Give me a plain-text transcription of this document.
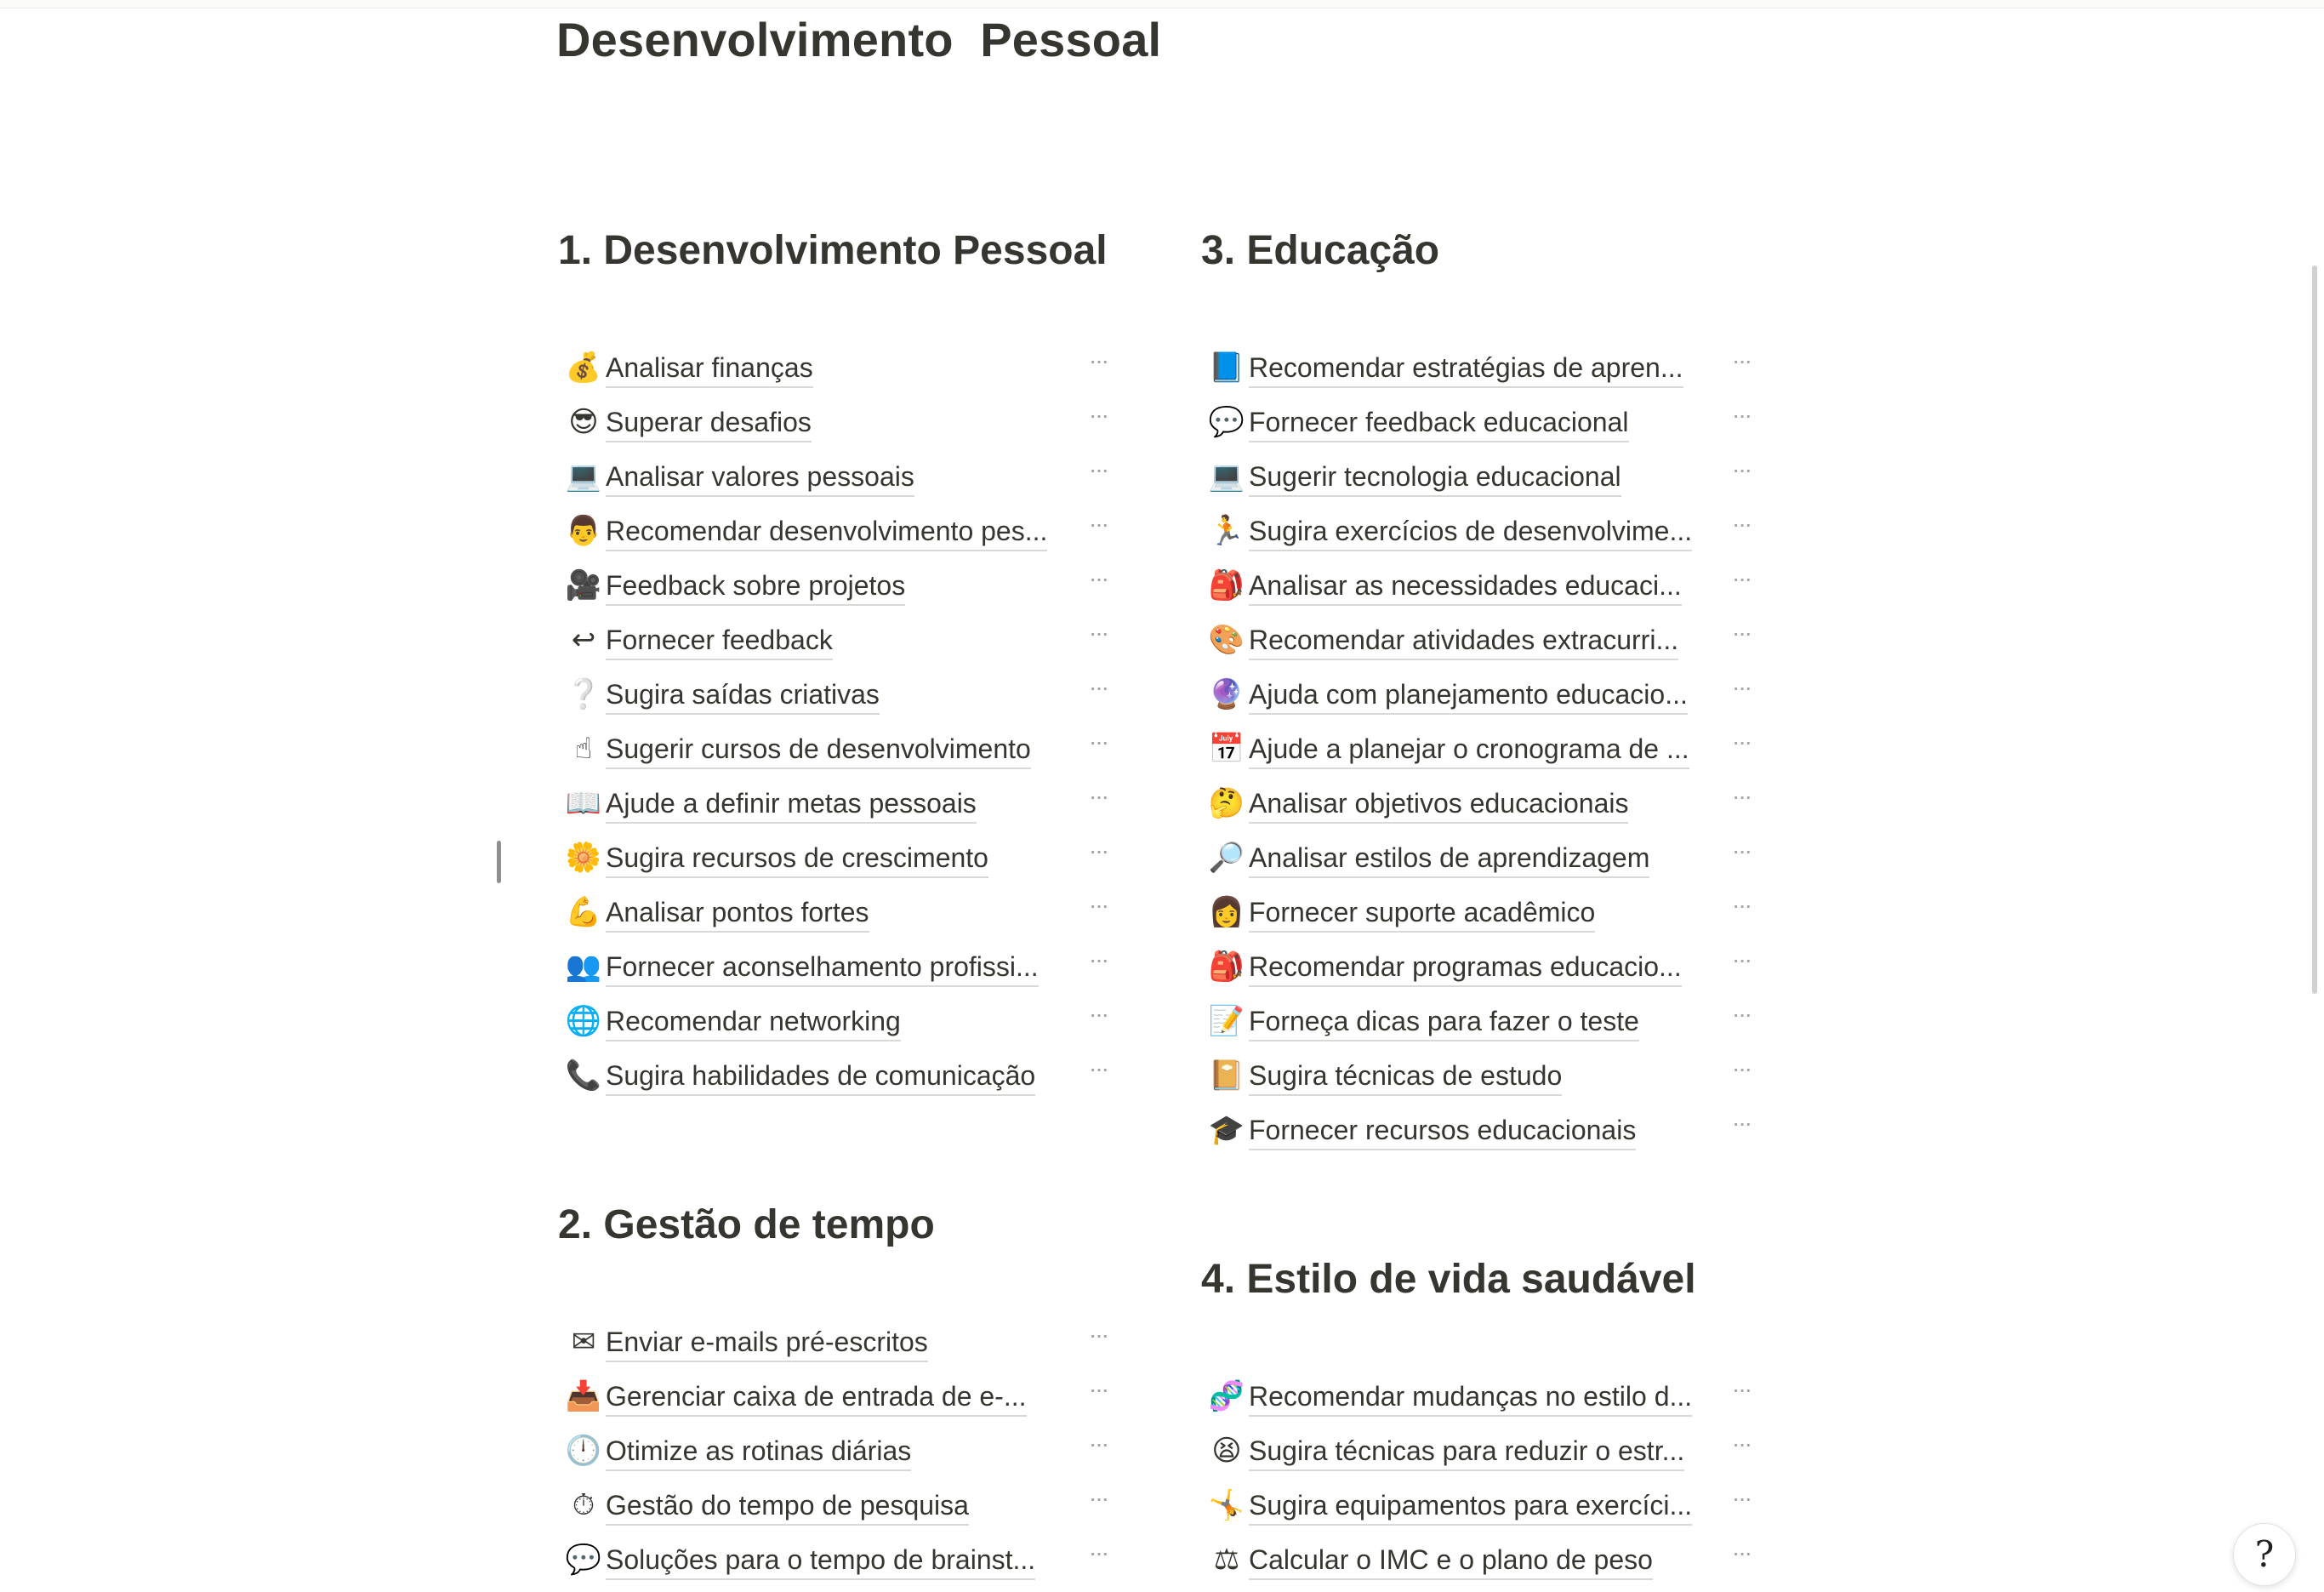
Desenvolvimento  Pessoal
1. Desenvolvimento Pessoal
💰 Analisar finanças	···
😎 Superar desafios	···
💻 Analisar valores pessoais	···
👨 Recomendar desenvolvimento pes...	···
🎥 Feedback sobre projetos	···
↩ Fornecer feedback	···
❔ Sugira saídas criativas	···
☝ Sugerir cursos de desenvolvimento	···
📖 Ajude a definir metas pessoais	···
🌼 Sugira recursos de crescimento	···
💪 Analisar pontos fortes	···
👥 Fornecer aconselhamento profissi...	···
🌐 Recomendar networking	···
📞 Sugira habilidades de comunicação	···
2. Gestão de tempo
✉ Enviar e-mails pré-escritos	···
📥 Gerenciar caixa de entrada de e-...	···
🕛 Otimize as rotinas diárias	···
⏱ Gestão do tempo de pesquisa	···
💬 Soluções para o tempo de brainst...	···
3. Educação
📘 Recomendar estratégias de apren...	···
💬 Fornecer feedback educacional	···
💻 Sugerir tecnologia educacional	···
🏃 Sugira exercícios de desenvolvime...	···
🎒 Analisar as necessidades educaci...	···
🎨 Recomendar atividades extracurri...	···
🔮 Ajuda com planejamento educacio...	···
📅 Ajude a planejar o cronograma de ...	···
🤔 Analisar objetivos educacionais	···
🔎 Analisar estilos de aprendizagem	···
👩 Fornecer suporte acadêmico	···
🎒 Recomendar programas educacio...	···
📝 Forneça dicas para fazer o teste	···
📔 Sugira técnicas de estudo	···
🎓 Fornecer recursos educacionais	···
4. Estilo de vida saudável
🧬 Recomendar mudanças no estilo d...	···
😫 Sugira técnicas para reduzir o estr...	···
🤸 Sugira equipamentos para exercíci...	···
⚖ Calcular o IMC e o plano de peso	···	?
